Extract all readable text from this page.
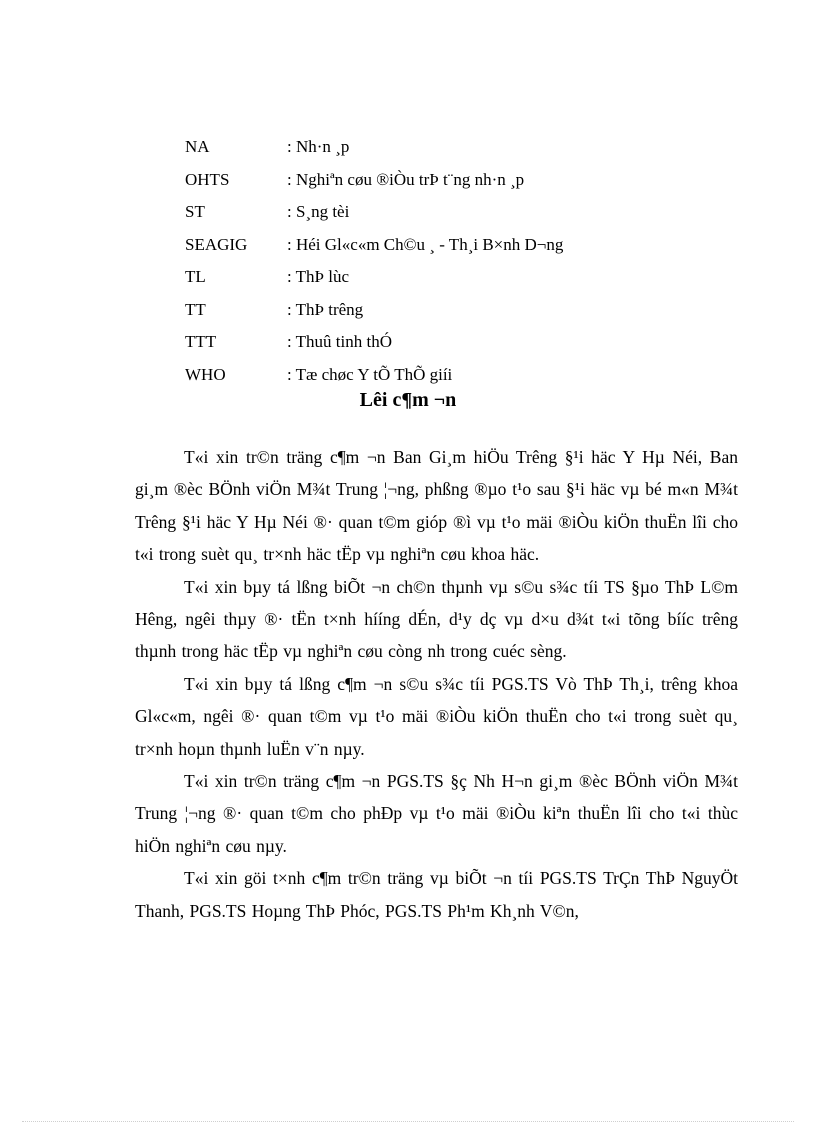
NA	: Nh·n ¸p
OHTS	: Nghiªn cøu ®iÒu trÞ t¨ng nh·n ¸p
ST	: S¸ng tèi
SEAGIG	: Héi Gl«c«m Ch©u ¸ - Th¸i B×nh D¬ng
TL	: ThÞ lùc
TT	: ThÞ trêng
TTT	: Thuû tinh thÓ
WHO	: Tæ chøc Y tÕ ThÕ giíi
Lêi c¶m ¬n

T«i xin tr©n träng c¶m ¬n Ban Gi¸m hiÖu Trêng §¹i häc Y Hµ Néi, Ban gi¸m ®èc BÖnh viÖn M¾t Trung ¦¬ng, phßng ®µo t¹o sau §¹i häc vµ bé m«n M¾t Trêng §¹i häc Y Hµ Néi ®· quan t©m gióp ®ì vµ t¹o mäi ®iÒu kiÖn thuËn lîi cho t«i trong suèt qu¸ tr×nh häc tËp vµ nghiªn cøu khoa häc.

T«i xin bµy tá lßng biÕt ¬n ch©n thµnh vµ s©u s¾c tíi TS §µo ThÞ L©m Hêng, ngêi thµy ®· tËn t×nh hííng dÉn, d¹y dç vµ d×u d¾t t«i tõng bííc trêng thµnh trong häc tËp vµ nghiªn cøu còng nh trong cuéc sèng.

T«i xin bµy tá lßng c¶m ¬n s©u s¾c tíi PGS.TS Vò ThÞ Th¸i, trêng khoa Gl«c«m, ngêi ®· quan t©m vµ t¹o mäi ®iÒu kiÖn thuËn cho t«i trong suèt qu¸ tr×nh hoµn thµnh luËn v¨n nµy.

T«i xin tr©n träng c¶m ¬n PGS.TS §ç Nh H¬n gi¸m ®èc BÖnh viÖn M¾t Trung ¦¬ng ®· quan t©m cho phÐp vµ t¹o mäi ®iÒu kiªn thuËn lîi cho t«i thùc hiÖn nghiªn cøu nµy.

T«i xin göi t×nh c¶m tr©n träng vµ biÕt ¬n tíi PGS.TS TrÇn ThÞ NguyÖt Thanh, PGS.TS Hoµng ThÞ Phóc, PGS.TS Ph¹m Kh¸nh V©n,
